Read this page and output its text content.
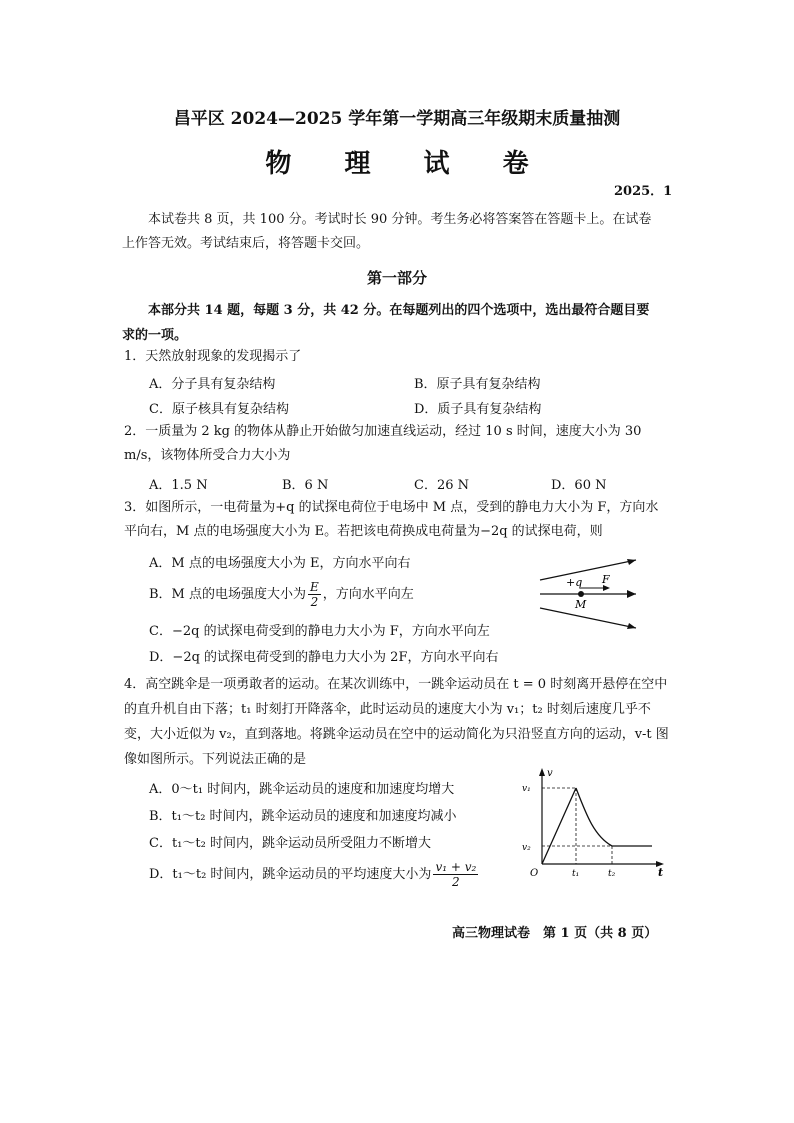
昌平区 2024—2025 学年第一学期高三年级期末质量抽测
物 理 试 卷
2025．1
本试卷共 8 页，共 100 分。考试时长 90 分钟。考生务必将答案答在答题卡上。在试卷上作答无效。考试结束后，将答题卡交回。
第一部分
本部分共 14 题，每题 3 分，共 42 分。在每题列出的四个选项中，选出最符合题目要求的一项。
1．天然放射现象的发现揭示了
A．分子具有复杂结构	B．原子具有复杂结构
C．原子核具有复杂结构	D．质子具有复杂结构
2．一质量为 2 kg 的物体从静止开始做匀加速直线运动，经过 10 s 时间，速度大小为 30 m/s，该物体所受合力大小为
A．1.5 N	B．6 N	C．26 N	D．60 N
3．如图所示，一电荷量为+q 的试探电荷位于电场中 M 点，受到的静电力大小为 F，方向水平向右，M 点的电场强度大小为 E。若把该电荷换成电荷量为−2q 的试探电荷，则
A．M 点的电场强度大小为 E，方向水平向右
B．M 点的电场强度大小为 $\frac{E}{2}$ ，方向水平向左
C．−2q 的试探电荷受到的静电力大小为 F，方向水平向左
D．−2q 的试探电荷受到的静电力大小为 2F，方向水平向右
+q F
M
4．高空跳伞是一项勇敢者的运动。在某次训练中，一跳伞运动员在 t = 0 时刻离开悬停在空中的直升机自由下落；t₁ 时刻打开降落伞，此时运动员的速度大小为 v₁；t₂ 时刻后速度几乎不变，大小近似为 v₂，直到落地。将跳伞运动员在空中的运动简化为只沿竖直方向的运动，v-t 图像如图所示。下列说法正确的是
A．0～t₁ 时间内，跳伞运动员的速度和加速度均增大
B．t₁～t₂ 时间内，跳伞运动员的速度和加速度均减小
C．t₁～t₂ 时间内，跳伞运动员所受阻力不断增大
D．t₁～t₂ 时间内，跳伞运动员的平均速度大小为 $\frac{\text{v₁ + v₂}}{2}$
v
v₁
v₂
O	t₁	t₂	t
高三物理试卷　第 1 页（共 8 页）
